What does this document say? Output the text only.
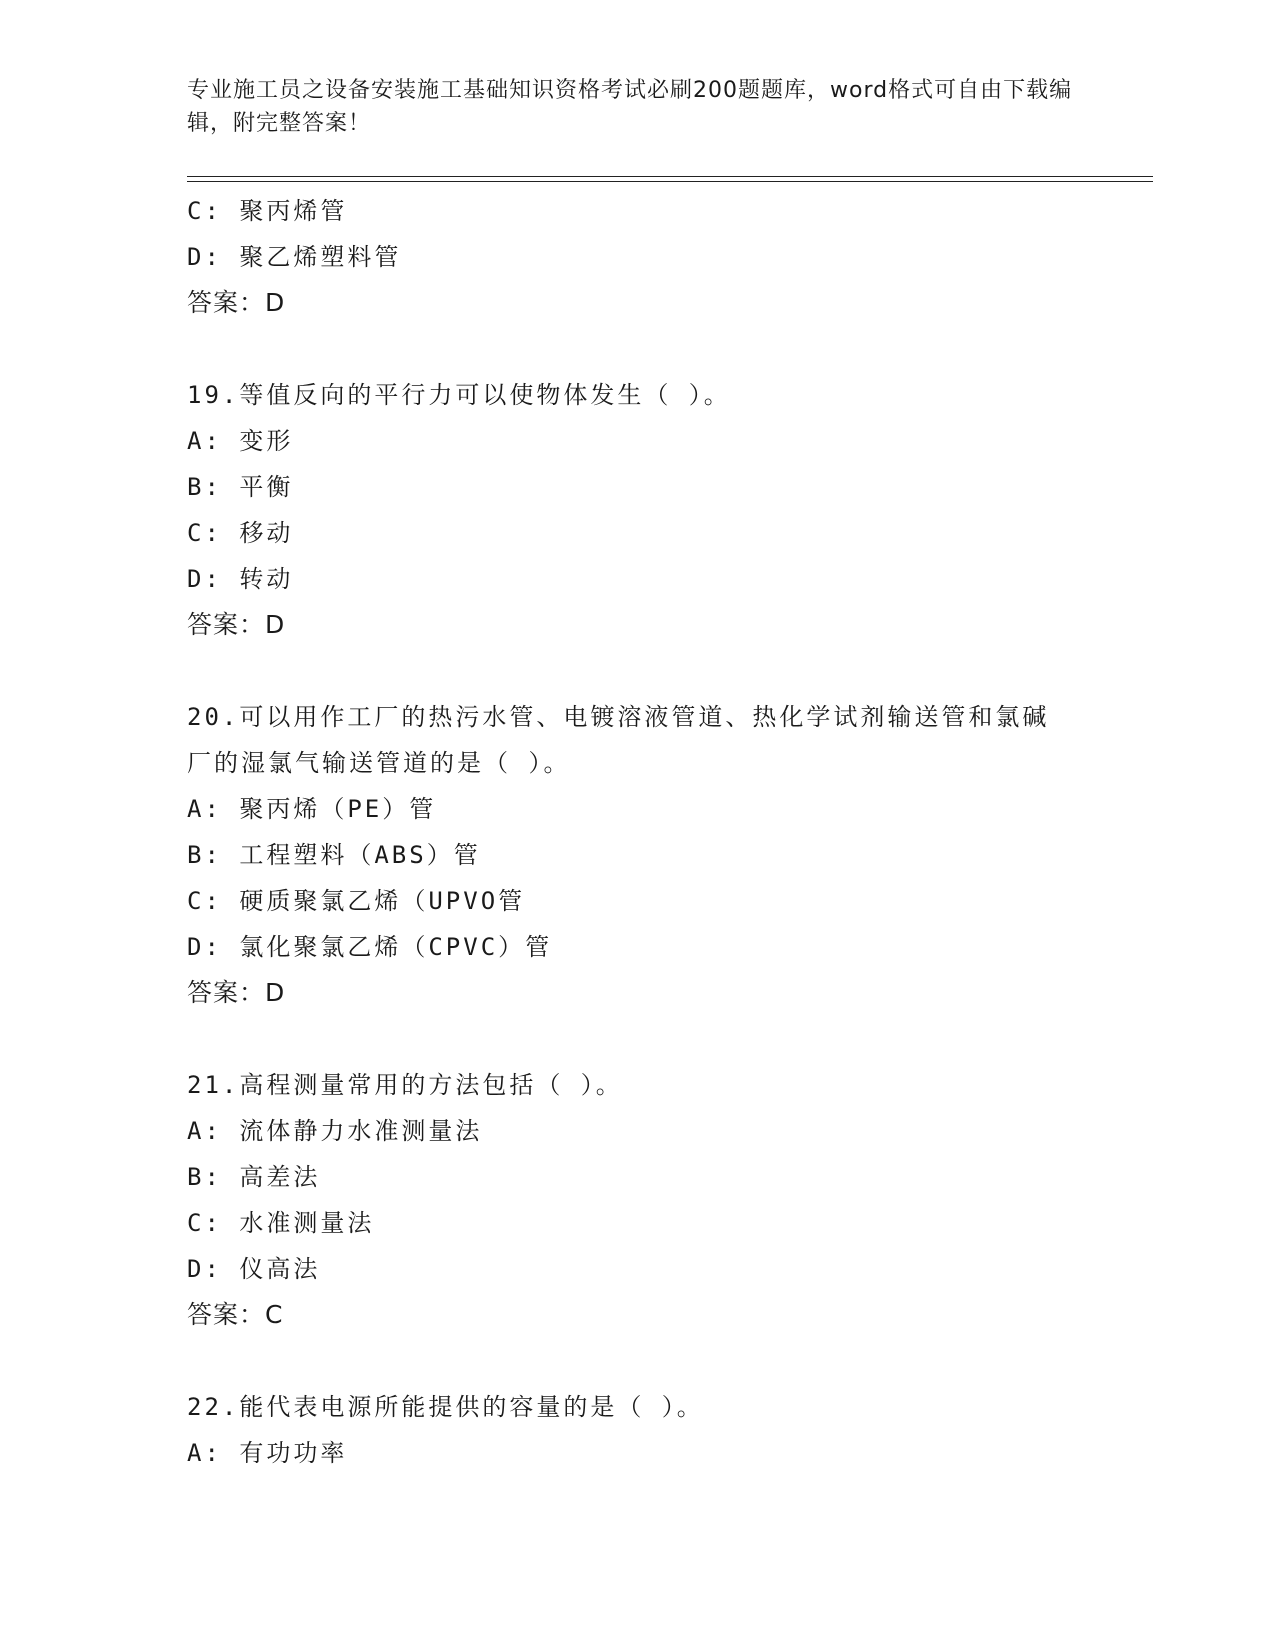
专业施工员之设备安装施工基础知识资格考试必刷200题题库，word格式可自由下载编辑，附完整答案！
C: 聚丙烯管
D: 聚乙烯塑料管
答案：D
19.等值反向的平行力可以使物体发生（ ）。
A: 变形
B: 平衡
C: 移动
D: 转动
答案：D
20.可以用作工厂的热污水管、电镀溶液管道、热化学试剂输送管和氯碱厂的湿氯气输送管道的是（ ）。
A: 聚丙烯（PE）管
B: 工程塑料（ABS）管
C: 硬质聚氯乙烯（UPVO管
D: 氯化聚氯乙烯（CPVC）管
答案：D
21.高程测量常用的方法包括（ ）。
A: 流体静力水准测量法
B: 高差法
C: 水准测量法
D: 仪高法
答案：C
22.能代表电源所能提供的容量的是（ ）。
A: 有功功率
